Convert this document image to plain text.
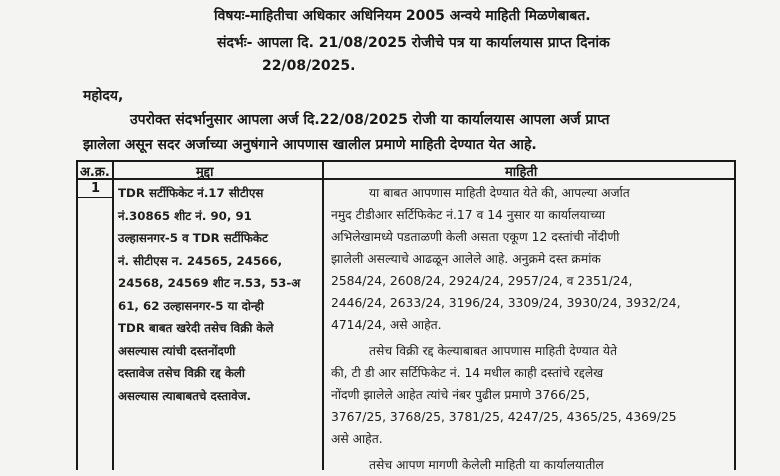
विषयः-माहितीचा अधिकार अधिनियम 2005 अन्वये माहिती मिळणेबाबत.
संदर्भः- आपला दि. 21/08/2025 रोजीचे पत्र या कार्यालयास प्राप्त दिनांक
22/08/2025.
महोदय,
उपरोक्त संदर्भानुसार आपला अर्ज दि.22/08/2025 रोजी या कार्यालयास आपला अर्ज प्राप्त
झालेला असून सदर अर्जाच्या अनुषंगाने आपणास खालील प्रमाणे माहिती देण्यात येत आहे.
अ.क्र.	मुद्दा	माहिती
1 TDR सर्टीफिकेट नं.17 सीटीएस
नं.30865 शीट नं. 90, 91
उल्हासनगर-5 व TDR सर्टीफिकेट
नं. सीटीएस न. 24565, 24566,
24568, 24569 शीट न.53, 53-अ
61, 62 उल्हासनगर-5 या दोन्ही
TDR बाबत खरेदी तसेच विक्री केले
असल्यास त्यांची दस्तनोंदणी
दस्तावेज तसेच विक्री रद्द केली
असल्यास त्याबाबतचे दस्तावेज.
या बाबत आपणास माहिती देण्यात येते की, आपल्या अर्जात
नमुद टीडीआर सर्टिफिकेट नं.17 व 14 नुसार या कार्यालयाच्या
अभिलेखामध्ये पडताळणी केली असता एकूण 12 दस्तांची नोंदीणी
झालेली असल्याचे आढळून आलेले आहे. अनुक्रमे दस्त क्रमांक
2584/24, 2608/24, 2924/24, 2957/24, व 2351/24,
2446/24, 2633/24, 3196/24, 3309/24, 3930/24, 3932/24,
4714/24, असे आहेत.
तसेच विक्री रद्द केल्याबाबत आपणास माहिती देण्यात येते
की, टी डी आर सर्टिफिकेट नं. 14 मधील काही दस्तांचे रद्दलेख
नोंदणी झालेले आहेत त्यांचे नंबर पुढील प्रमाणे 3766/25,
3767/25, 3768/25, 3781/25, 4247/25, 4365/25, 4369/25
असे आहेत.
तसेच आपण मागणी केलेली माहिती या कार्यालयातील
